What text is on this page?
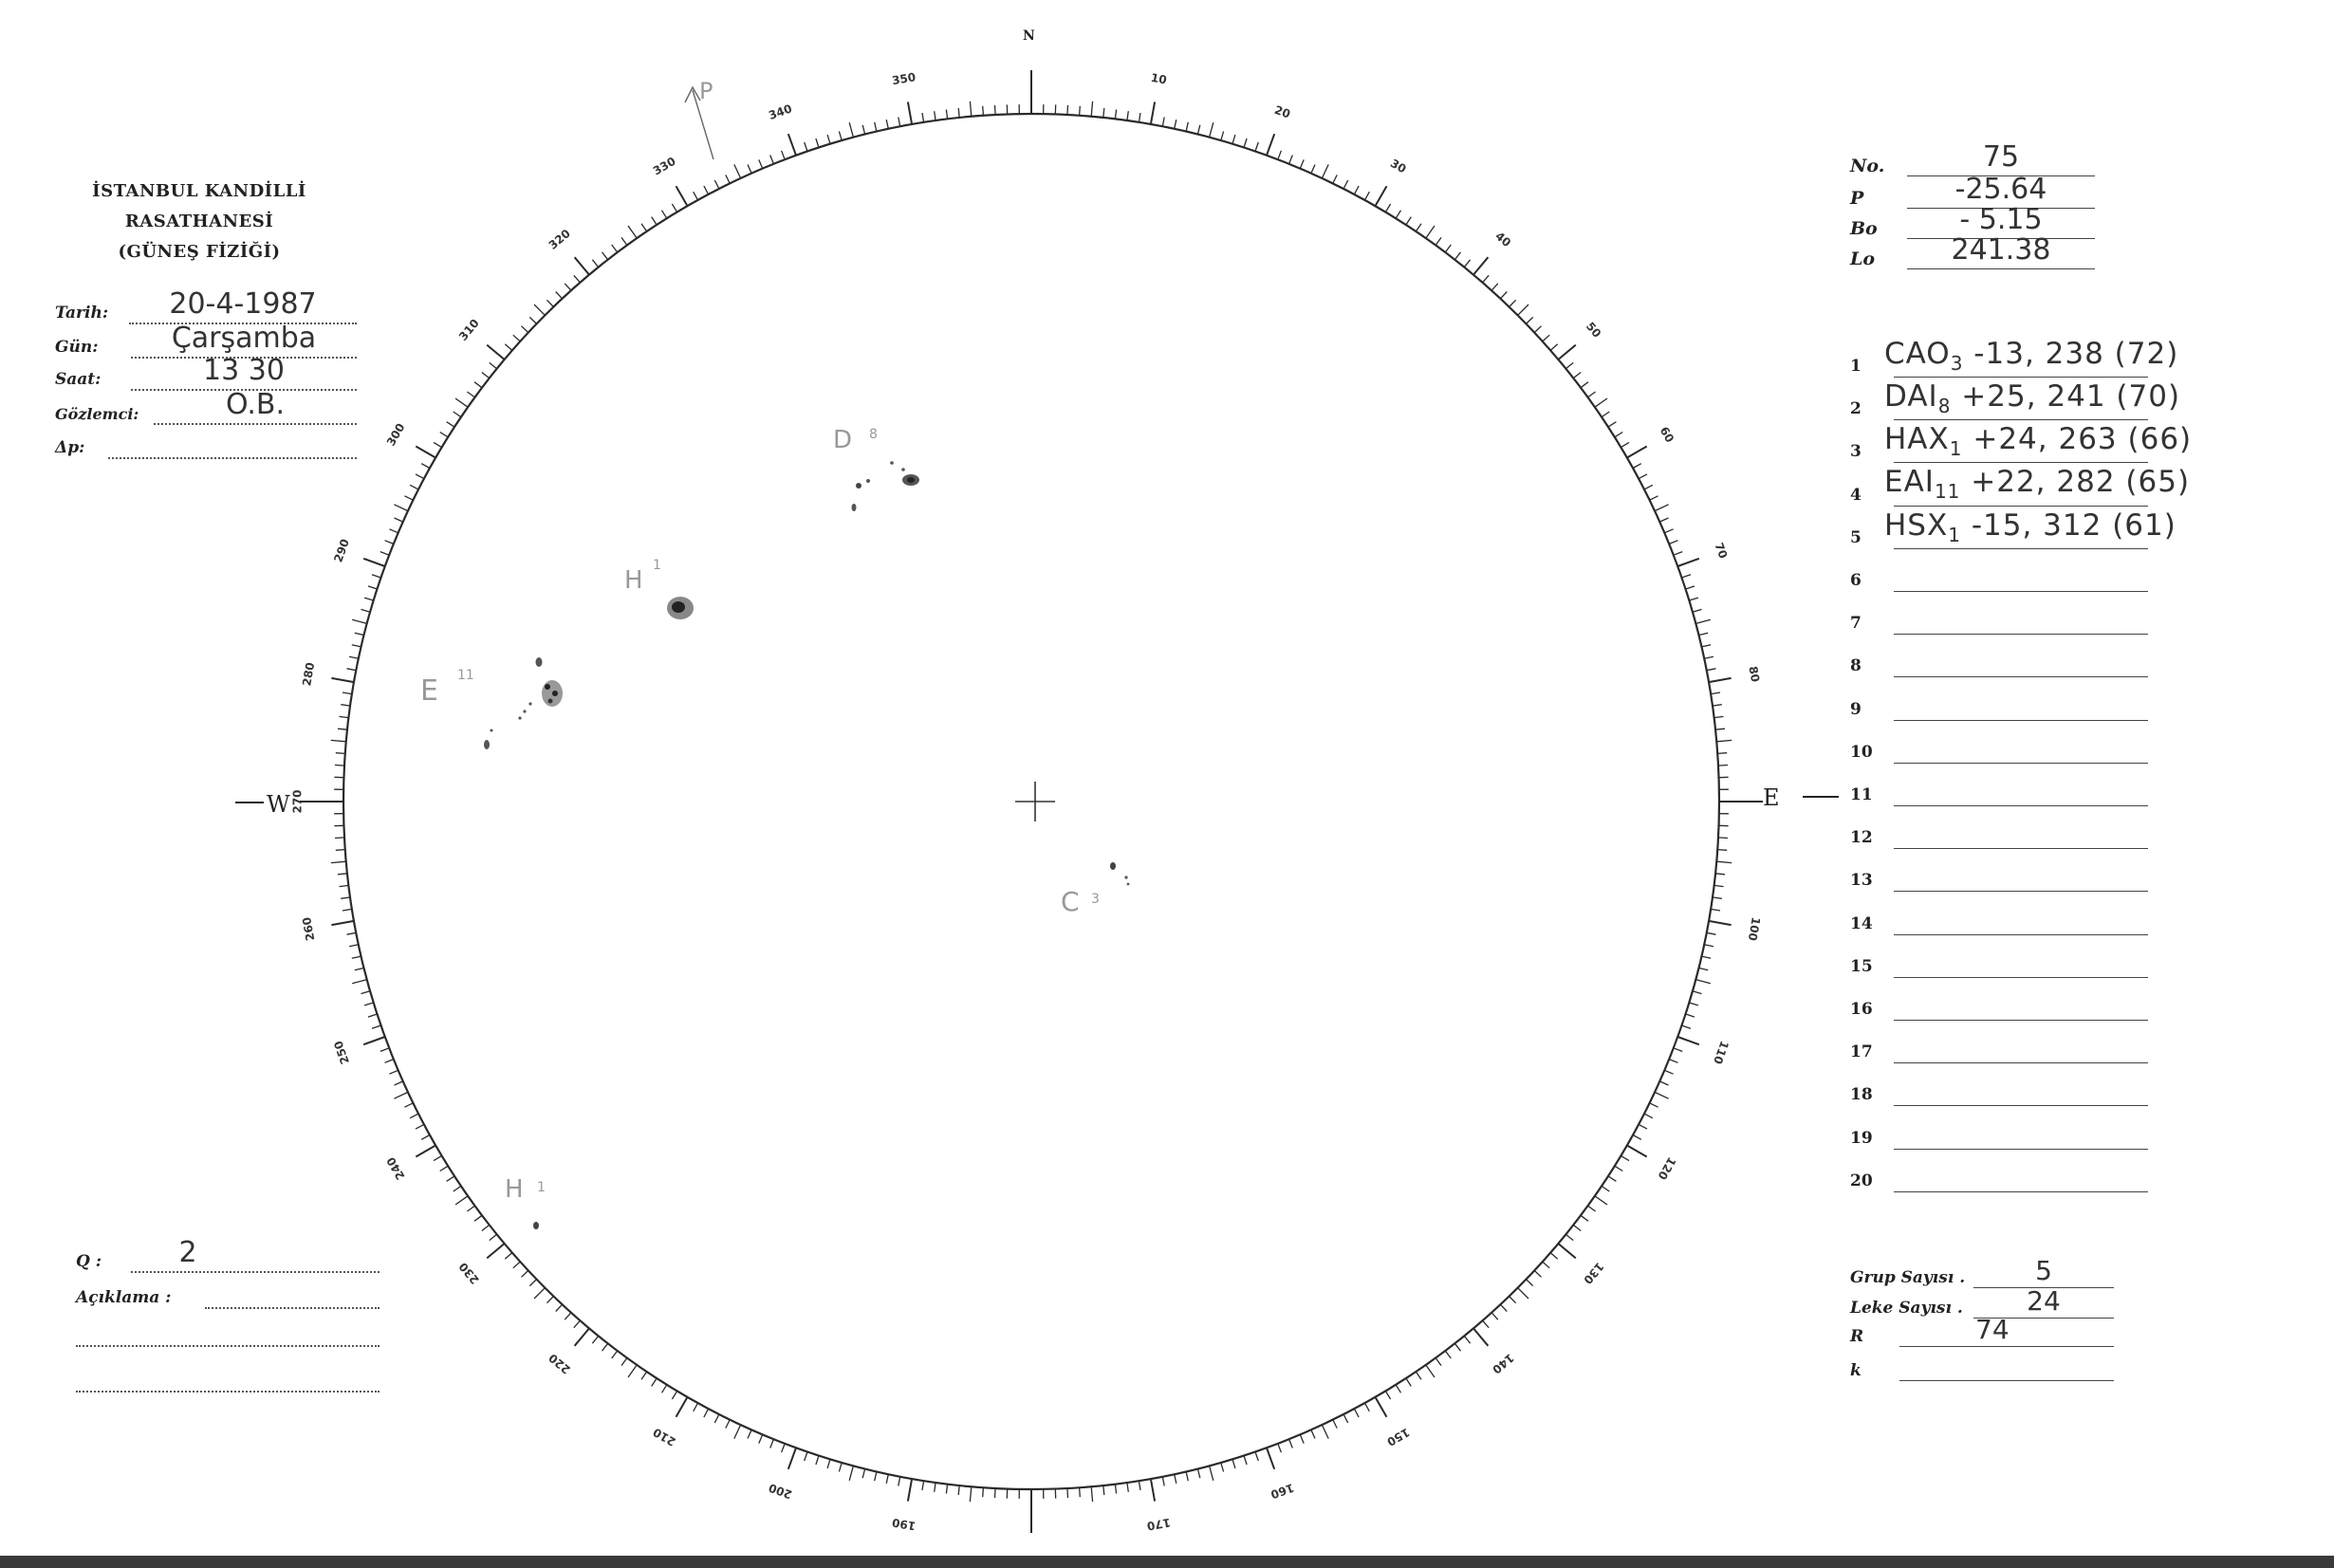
İSTANBUL KANDİLLİ RASATHANESİ
(GÜNEŞ FİZİĞİ)
Tarih:	20-4-1987
Gün:	Çarşamba
Saat:	13 30
Gözlemci:	O.B.
Δp:
No.	75
P	-25.64
Bo	- 5.15
Lo	241.38
1 $CAO_3$ -13, 238 (72)
2 $DAI_8 +25$, 241 (70)
3 $HAX_1 +24$, 263 (66)
4 $EAI_{11} +22$, 282 (65)
5 $HSX_1$ -15, 312 (61)
6
7
8
9
10
11
12
13
14
15
16
17
18
19
20
Grup Sayısı .	5
Leke Sayısı .	24
R	74
k
Q :	2
Açıklama :
10
20
30
40
50
60
70
80
100
110
120
130
140
150
160
170
190
200
210
220
230
240
250
260
270
280
290
300
310
320
330
340
350
W	E
N
P
D 8
H
1
E 11
C 3
H 1
